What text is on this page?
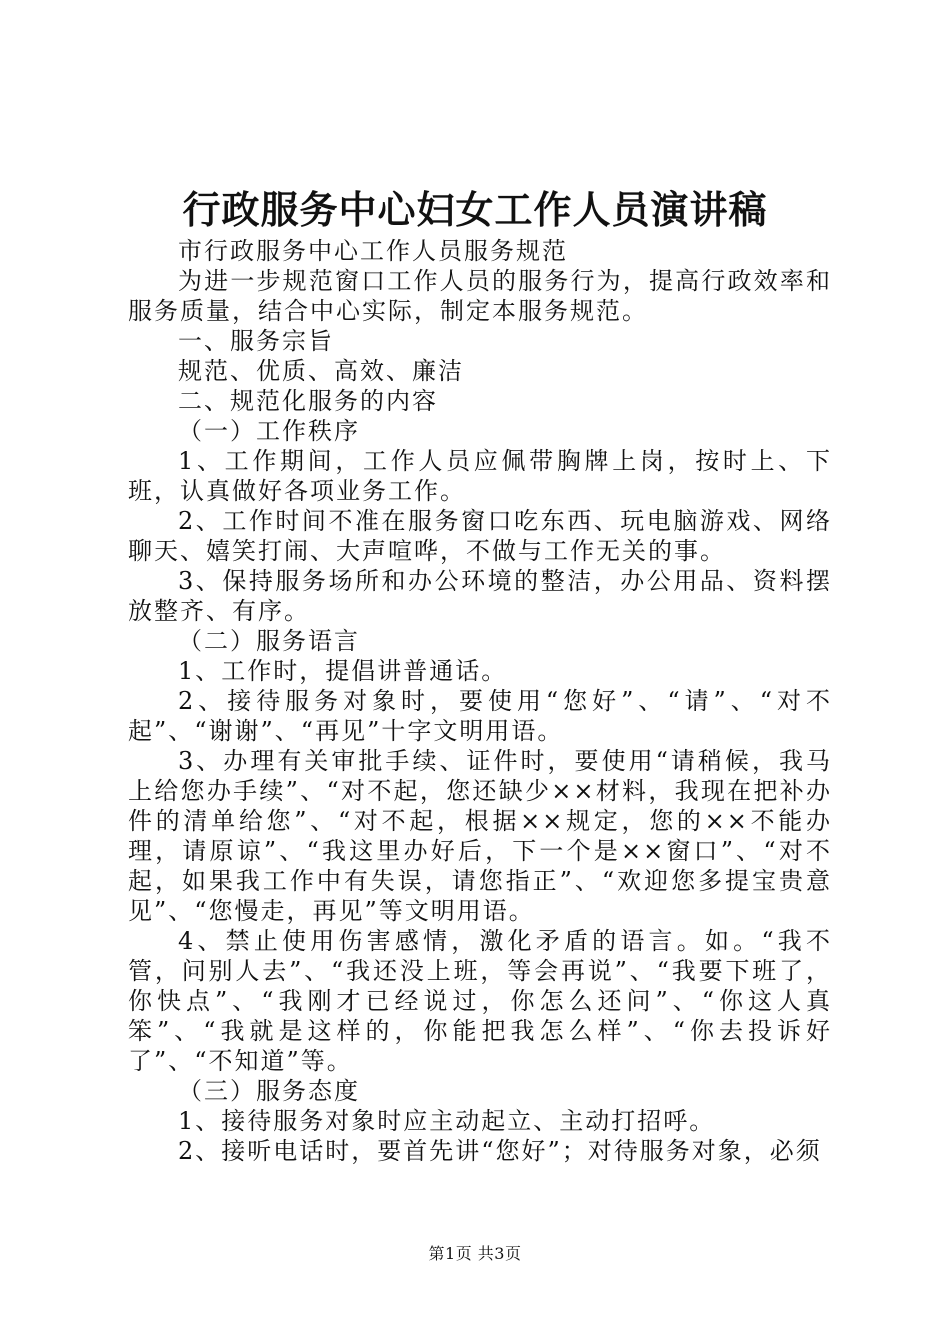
行政服务中心妇女工作人员演讲稿

市行政服务中心工作人员服务规范

为进一步规范窗口工作人员的服务行为，提高行政效率和服务质量，结合中心实际，制定本服务规范。

一、服务宗旨

规范、优质、高效、廉洁

二、规范化服务的内容

（一）工作秩序

1、工作期间，工作人员应佩带胸牌上岗，按时上、下班，认真做好各项业务工作。

2、工作时间不准在服务窗口吃东西、玩电脑游戏、网络聊天、嬉笑打闹、大声喧哗，不做与工作无关的事。

3、保持服务场所和办公环境的整洁，办公用品、资料摆放整齐、有序。

（二）服务语言

1、工作时，提倡讲普通话。

2、接待服务对象时，要使用“您好”、“请”、“对不起”、“谢谢”、“再见”十字文明用语。

3、办理有关审批手续、证件时，要使用“请稍候，我马上给您办手续”、“对不起，您还缺少××材料，我现在把补办件的清单给您”、“对不起，根据××规定，您的××不能办理，请原谅”、“我这里办好后，下一个是××窗口”、“对不起，如果我工作中有失误，请您指正”、“欢迎您多提宝贵意见”、“您慢走，再见”等文明用语。

4、禁止使用伤害感情，激化矛盾的语言。如。“我不管，问别人去”、“我还没上班，等会再说”、“我要下班了，你快点”、“我刚才已经说过，你怎么还问”、“你这人真笨”、“我就是这样的，你能把我怎么样”、“你去投诉好了”、“不知道”等。

（三）服务态度

1、接待服务对象时应主动起立、主动打招呼。

2、接听电话时，要首先讲“您好”；对待服务对象，必须

第1页 共3页
